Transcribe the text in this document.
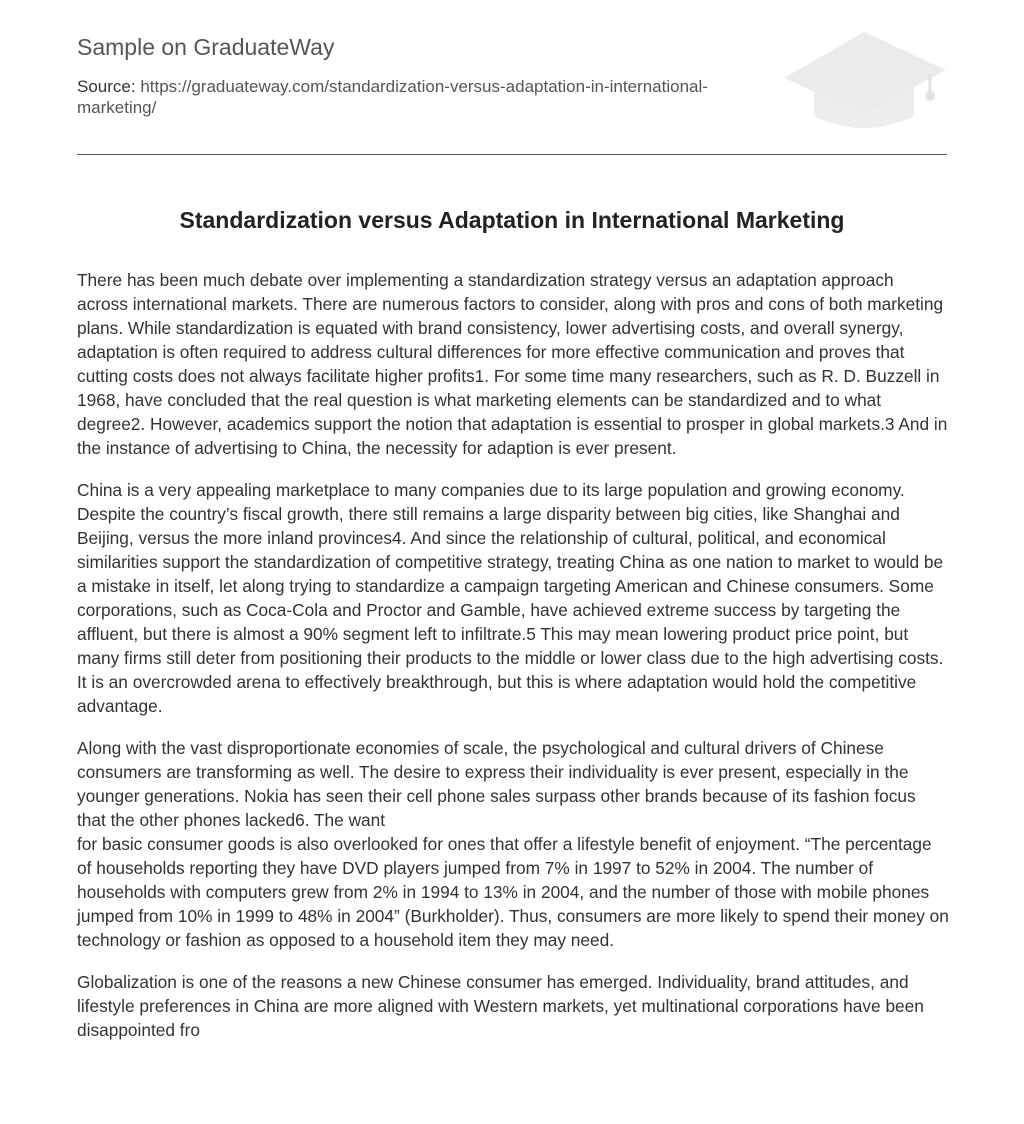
Sample on GraduateWay
Source: https://graduateway.com/standardization-versus-adaptation-in-international-marketing/
Standardization versus Adaptation in International Marketing

There has been much debate over implementing a standardization strategy versus an adaptation approach across international markets. There are numerous factors to consider, along with pros and cons of both marketing plans. While standardization is equated with brand consistency, lower advertising costs, and overall synergy, adaptation is often required to address cultural differences for more effective communication and proves that cutting costs does not always facilitate higher profits1. For some time many researchers, such as R. D. Buzzell in 1968, have concluded that the real question is what marketing elements can be standardized and to what degree2. However, academics support the notion that adaptation is essential to prosper in global markets.3 And in the instance of advertising to China, the necessity for adaption is ever present.

China is a very appealing marketplace to many companies due to its large population and growing economy. Despite the country’s fiscal growth, there still remains a large disparity between big cities, like Shanghai and Beijing, versus the more inland provinces4. And since the relationship of cultural, political, and economical similarities support the standardization of competitive strategy, treating China as one nation to market to would be a mistake in itself, let along trying to standardize a campaign targeting American and Chinese consumers. Some corporations, such as Coca-Cola and Proctor and Gamble, have achieved extreme success by targeting the affluent, but there is almost a 90% segment left to infiltrate.5 This may mean lowering product price point, but many firms still deter from positioning their products to the middle or lower class due to the high advertising costs. It is an overcrowded arena to effectively breakthrough, but this is where adaptation would hold the competitive advantage.

Along with the vast disproportionate economies of scale, the psychological and cultural drivers of Chinese consumers are transforming as well. The desire to express their individuality is ever present, especially in the younger generations. Nokia has seen their cell phone sales surpass other brands because of its fashion focus that the other phones lacked6. The want

for basic consumer goods is also overlooked for ones that offer a lifestyle benefit of enjoyment. “The percentage of households reporting they have DVD players jumped from 7% in 1997 to 52% in 2004. The number of households with computers grew from 2% in 1994 to 13% in 2004, and the number of those with mobile phones jumped from 10% in 1999 to 48% in 2004” (Burkholder). Thus, consumers are more likely to spend their money on technology or fashion as opposed to a household item they may need.

Globalization is one of the reasons a new Chinese consumer has emerged. Individuality, brand attitudes, and lifestyle preferences in China are more aligned with Western markets, yet multinational corporations have been disappointed fro
